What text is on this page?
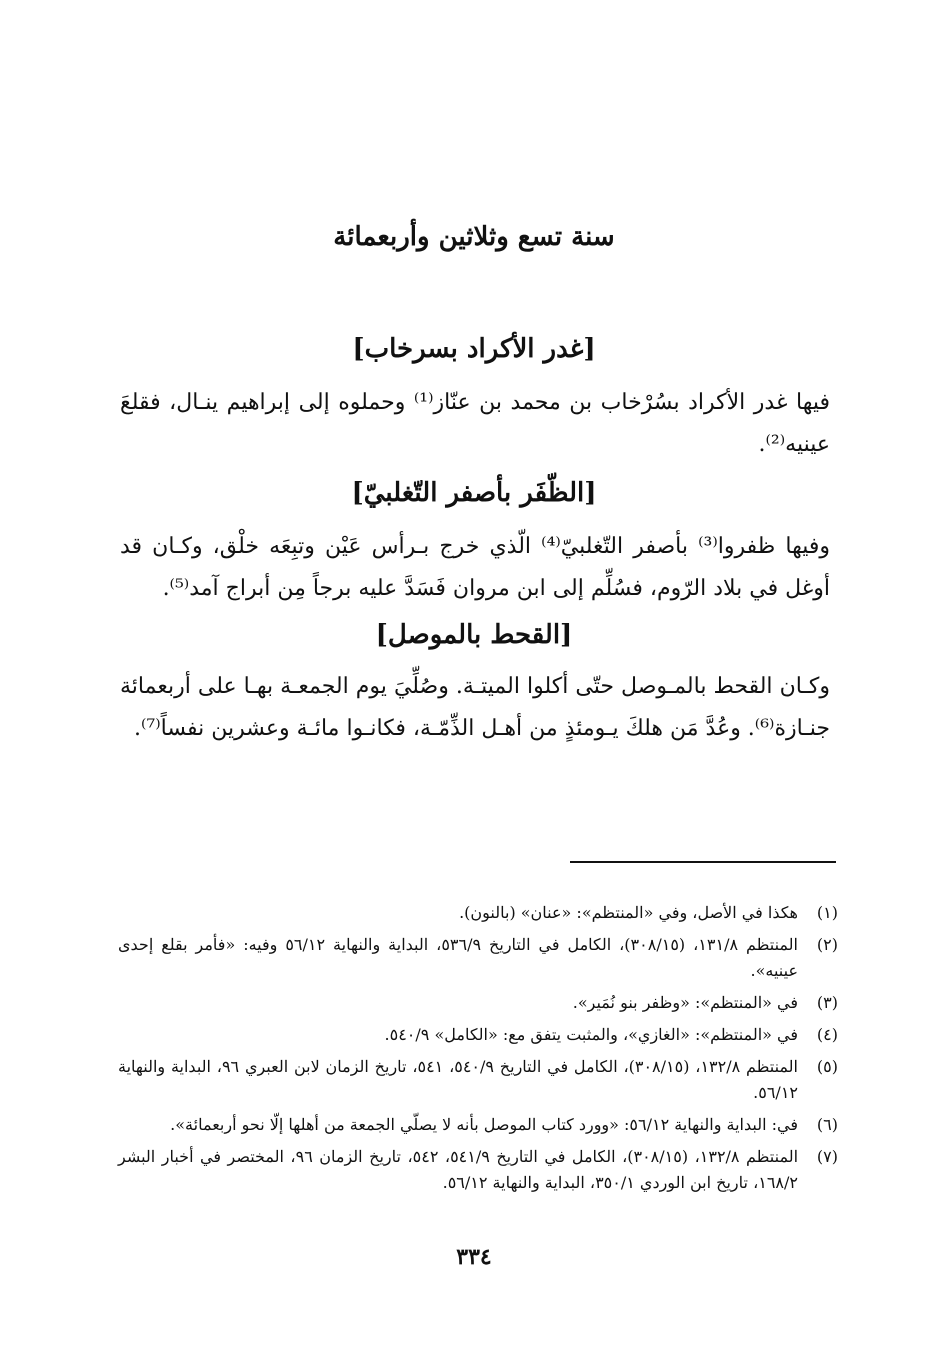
سنة تسع وثلاثين وأربعمائة
[غدر الأكراد بسرخاب]
فيها غدر الأكراد بسُرْخاب بن محمد بن عنّاز⁽¹⁾ وحملوه إلى إبراهيم ينـال، فقلعَ عينيه⁽²⁾.
[الظّفَر بأصفر التّغلبيّ]
وفيها ظفروا⁽³⁾ بأصفر التّغلبيّ⁽⁴⁾ الّذي خرج بـرأس عَيْن وتبِعَه خلْق، وكـان قد أوغل في بلاد الرّوم، فسُلِّم إلى ابن مروان فَسَدَّ عليه برجاً مِن أبراج آمد⁽⁵⁾.
[القحط بالموصل]
وكـان القحط بالمـوصل حتّى أكلوا الميتـة. وصُلِّيَ يوم الجمعـة بهـا على أربعمائة جنـازة⁽⁶⁾. وعُدَّ مَن هلكَ يـومئذٍ من أهـل الذِّمّـة، فكانـوا مائـة وعشرين نفساً⁽⁷⁾.
(١)
هكذا في الأصل، وفي «المنتظم»: «عنان» (بالنون).
(٢)
المنتظم ١٣١/٨، (٣٠٨/١٥)، الكامل في التاريخ ٥٣٦/٩، البداية والنهاية ٥٦/١٢ وفيه: «فأمر بقلع إحدى عينيه».
(٣)
في «المنتظم»: «وظفر بنو نُمَير».
(٤)
في «المنتظم»: «الغازي»، والمثبت يتفق مع: «الكامل» ٥٤٠/٩.
(٥)
المنتظم ١٣٢/٨، (٣٠٨/١٥)، الكامل في التاريخ ٥٤٠/٩، ٥٤١، تاريخ الزمان لابن العبري ٩٦، البداية والنهاية ٥٦/١٢.
(٦)
في: البداية والنهاية ٥٦/١٢: «وورد كتاب الموصل بأنه لا يصلّي الجمعة من أهلها إلّا نحو أربعمائة».
(٧)
المنتظم ١٣٢/٨، (٣٠٨/١٥)، الكامل في التاريخ ٥٤١/٩، ٥٤٢، تاريخ الزمان ٩٦، المختصر في أخبار البشر ١٦٨/٢، تاريخ ابن الوردي ٣٥٠/١، البداية والنهاية ٥٦/١٢.
٣٣٤
